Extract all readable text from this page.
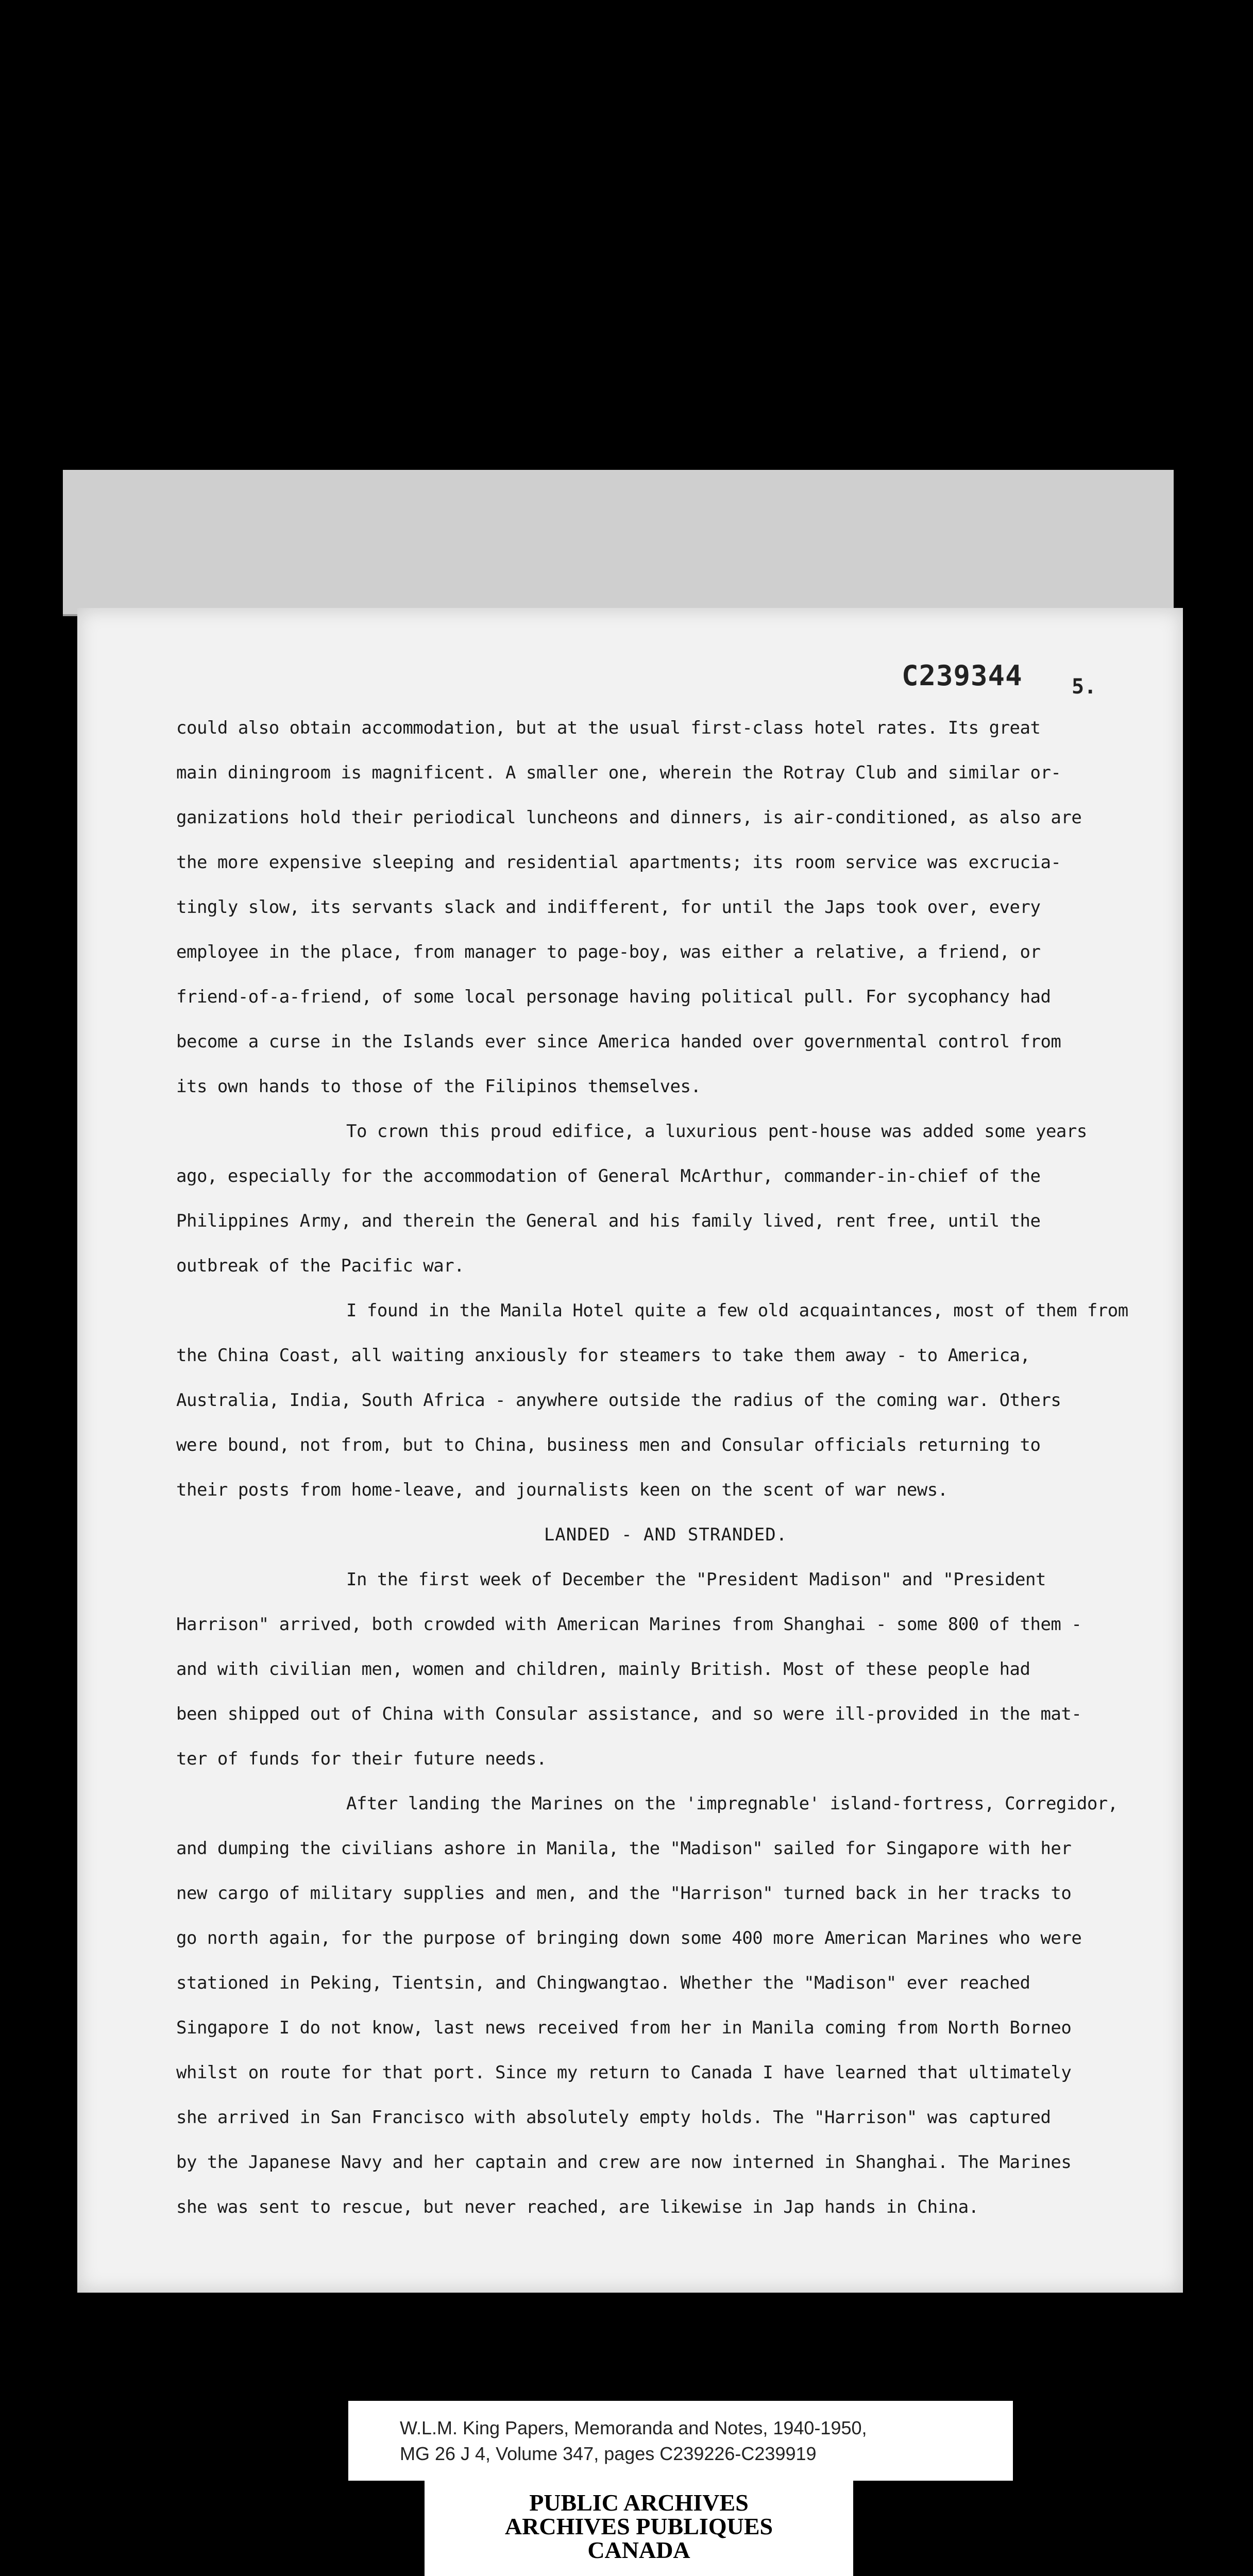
C239344 5.

could also obtain accommodation, but at the usual first-class hotel rates. Its great

main diningroom is magnificent. A smaller one, wherein the Rotray Club and similar or-

ganizations hold their periodical luncheons and dinners, is air-conditioned, as also are

the more expensive sleeping and residential apartments; its room service was excrucia-

tingly slow, its servants slack and indifferent, for until the Japs took over, every

employee in the place, from manager to page-boy, was either a relative, a friend, or

friend-of-a-friend, of some local personage having political pull. For sycophancy had

become a curse in the Islands ever since America handed over governmental control from

its own hands to those of the Filipinos themselves.

To crown this proud edifice, a luxurious pent-house was added some years

ago, especially for the accommodation of General McArthur, commander-in-chief of the

Philippines Army, and therein the General and his family lived, rent free, until the

outbreak of the Pacific war.

I found in the Manila Hotel quite a few old acquaintances, most of them from

the China Coast, all waiting anxiously for steamers to take them away - to America,

Australia, India, South Africa - anywhere outside the radius of the coming war. Others

were bound, not from, but to China, business men and Consular officials returning to

their posts from home-leave, and journalists keen on the scent of war news.

LANDED - AND STRANDED.

In the first week of December the "President Madison" and "President

Harrison" arrived, both crowded with American Marines from Shanghai - some 800 of them -

and with civilian men, women and children, mainly British. Most of these people had

been shipped out of China with Consular assistance, and so were ill-provided in the mat-

ter of funds for their future needs.

After landing the Marines on the 'impregnable' island-fortress, Corregidor,

and dumping the civilians ashore in Manila, the "Madison" sailed for Singapore with her

new cargo of military supplies and men, and the "Harrison" turned back in her tracks to

go north again, for the purpose of bringing down some 400 more American Marines who were

stationed in Peking, Tientsin, and Chingwangtao. Whether the "Madison" ever reached

Singapore I do not know, last news received from her in Manila coming from North Borneo

whilst on route for that port. Since my return to Canada I have learned that ultimately

she arrived in San Francisco with absolutely empty holds. The "Harrison" was captured

by the Japanese Navy and her captain and crew are now interned in Shanghai. The Marines

she was sent to rescue, but never reached, are likewise in Jap hands in China.

W.L.M. King Papers, Memoranda and Notes, 1940-1950,

MG 26 J 4, Volume 347, pages C239226-C239919

PUBLIC ARCHIVES

ARCHIVES PUBLIQUES

CANADA
